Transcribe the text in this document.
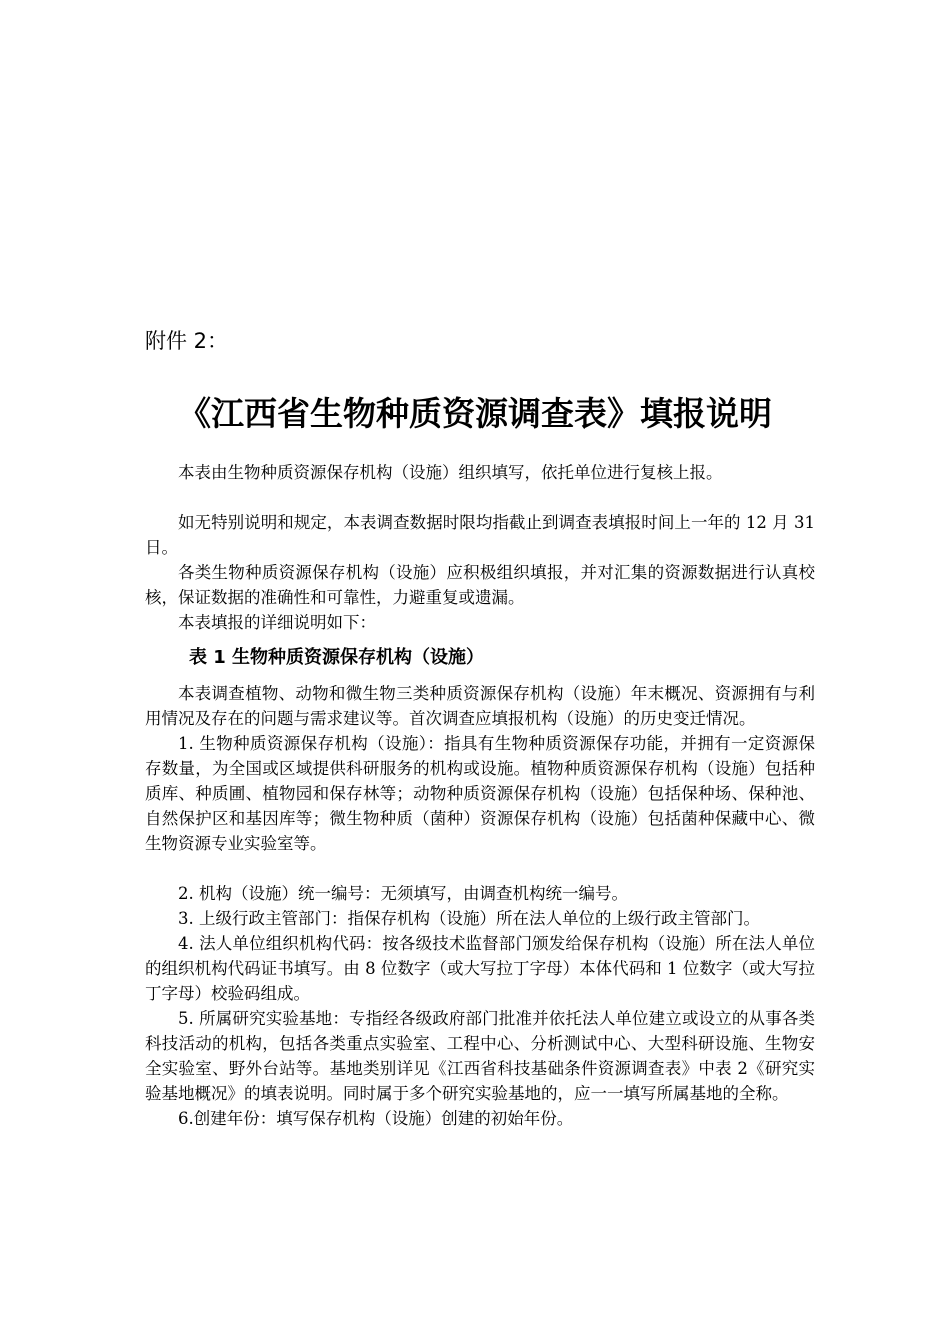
附件 2：
《江西省生物种质资源调查表》填报说明

本表由生物种质资源保存机构（设施）组织填写，依托单位进行复核上报。

如无特别说明和规定，本表调查数据时限均指截止到调查表填报时间上一年的 12 月 31 日。

各类生物种质资源保存机构（设施）应积极组织填报，并对汇集的资源数据进行认真校核，保证数据的准确性和可靠性，力避重复或遗漏。

本表填报的详细说明如下：

表 1 生物种质资源保存机构（设施）

本表调查植物、动物和微生物三类种质资源保存机构（设施）年末概况、资源拥有与利用情况及存在的问题与需求建议等。首次调查应填报机构（设施）的历史变迁情况。

1. 生物种质资源保存机构（设施）：指具有生物种质资源保存功能，并拥有一定资源保存数量，为全国或区域提供科研服务的机构或设施。植物种质资源保存机构（设施）包括种质库、种质圃、植物园和保存林等；动物种质资源保存机构（设施）包括保种场、保种池、自然保护区和基因库等；微生物种质（菌种）资源保存机构（设施）包括菌种保藏中心、微生物资源专业实验室等。

2. 机构（设施）统一编号：无须填写，由调查机构统一编号。

3. 上级行政主管部门：指保存机构（设施）所在法人单位的上级行政主管部门。

4. 法人单位组织机构代码：按各级技术监督部门颁发给保存机构（设施）所在法人单位的组织机构代码证书填写。由 8 位数字（或大写拉丁字母）本体代码和 1 位数字（或大写拉丁字母）校验码组成。

5. 所属研究实验基地：专指经各级政府部门批准并依托法人单位建立或设立的从事各类科技活动的机构，包括各类重点实验室、工程中心、分析测试中心、大型科研设施、生物安全实验室、野外台站等。基地类别详见《江西省科技基础条件资源调查表》中表 2《研究实验基地概况》的填表说明。同时属于多个研究实验基地的，应一一填写所属基地的全称。

6.创建年份：填写保存机构（设施）创建的初始年份。
